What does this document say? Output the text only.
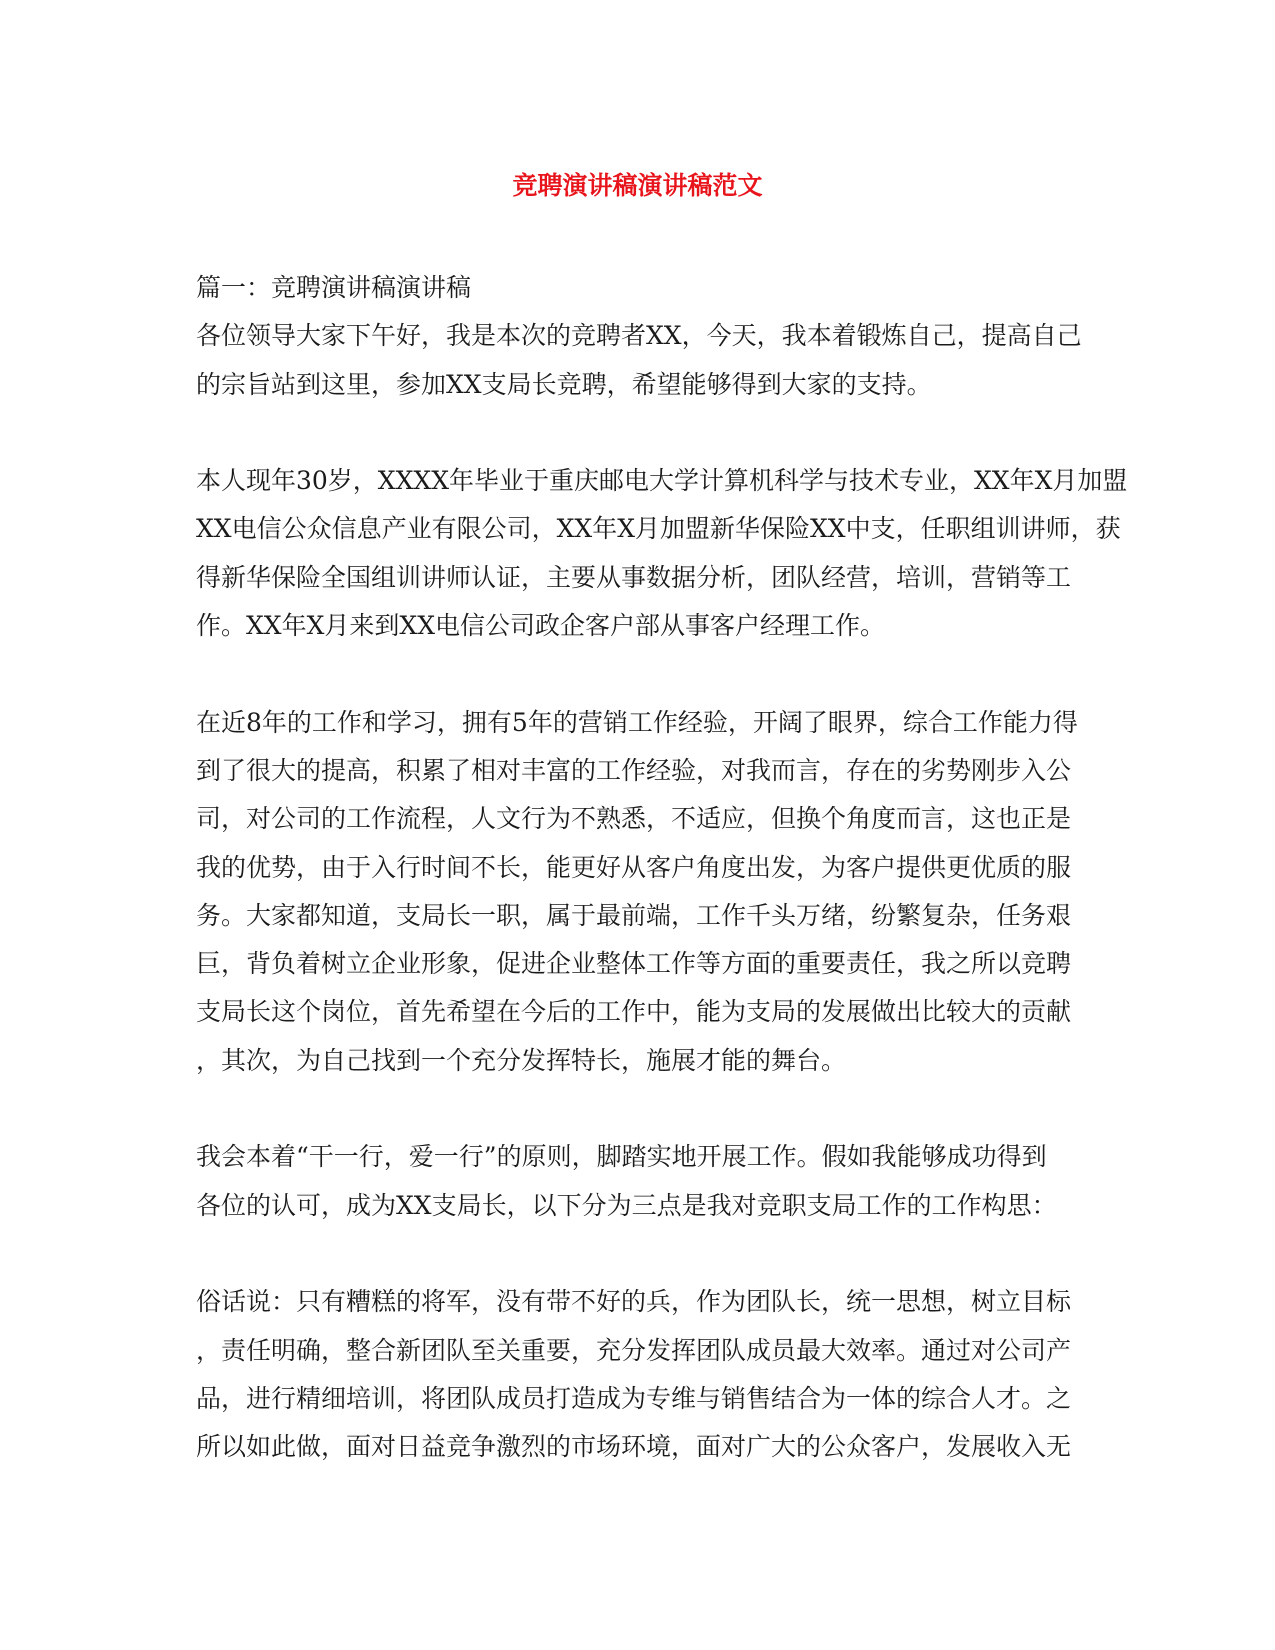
竞聘演讲稿演讲稿范文
篇一：竞聘演讲稿演讲稿
各位领导大家下午好，我是本次的竞聘者XX，今天，我本着锻炼自己，提高自己
的宗旨站到这里，参加XX支局长竞聘，希望能够得到大家的支持。
本人现年30岁，XXXX年毕业于重庆邮电大学计算机科学与技术专业，XX年X月加盟
XX电信公众信息产业有限公司，XX年X月加盟新华保险XX中支，任职组训讲师，获
得新华保险全国组训讲师认证，主要从事数据分析，团队经营，培训，营销等工
作。XX年X月来到XX电信公司政企客户部从事客户经理工作。
在近8年的工作和学习，拥有5年的营销工作经验，开阔了眼界，综合工作能力得
到了很大的提高，积累了相对丰富的工作经验，对我而言，存在的劣势刚步入公
司，对公司的工作流程，人文行为不熟悉，不适应，但换个角度而言，这也正是
我的优势，由于入行时间不长，能更好从客户角度出发，为客户提供更优质的服
务。大家都知道，支局长一职，属于最前端，工作千头万绪，纷繁复杂，任务艰
巨，背负着树立企业形象，促进企业整体工作等方面的重要责任，我之所以竞聘
支局长这个岗位，首先希望在今后的工作中，能为支局的发展做出比较大的贡献
，其次，为自己找到一个充分发挥特长，施展才能的舞台。
我会本着“干一行，爱一行”的原则，脚踏实地开展工作。假如我能够成功得到
各位的认可，成为XX支局长，以下分为三点是我对竞职支局工作的工作构思：
俗话说：只有糟糕的将军，没有带不好的兵，作为团队长，统一思想，树立目标
，责任明确，整合新团队至关重要，充分发挥团队成员最大效率。通过对公司产
品，进行精细培训，将团队成员打造成为专维与销售结合为一体的综合人才。之
所以如此做，面对日益竞争激烈的市场环境，面对广大的公众客户，发展收入无
